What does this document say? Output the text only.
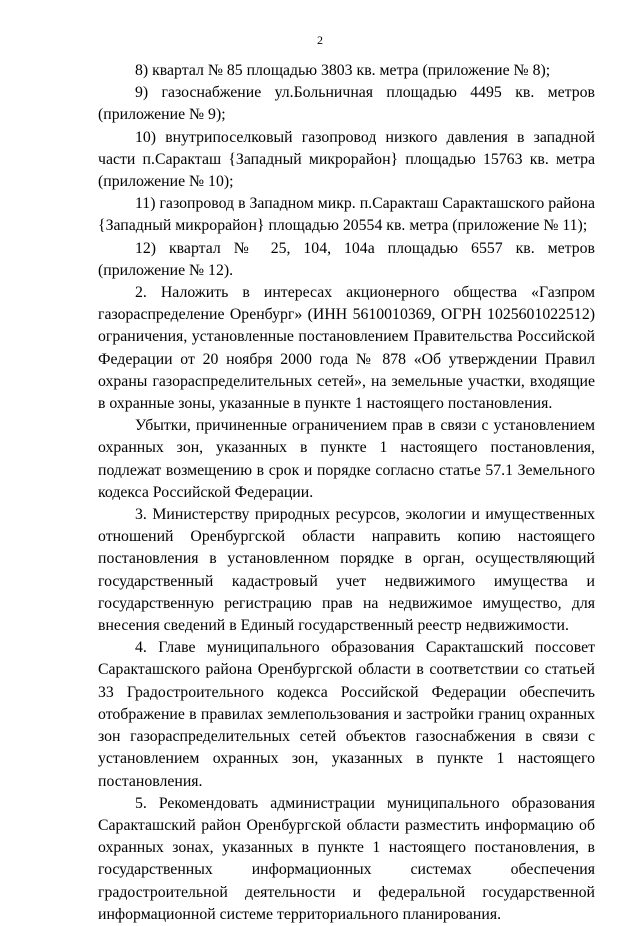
2

8) квартал № 85 площадью 3803 кв. метра (приложение № 8);

9) газоснабжение ул.Больничная площадью 4495 кв. метров (приложение № 9);

10) внутрипоселковый газопровод низкого давления в западной части п.Саракташ {Западный микрорайон} площадью 15763 кв. метра (приложение № 10);

11) газопровод в Западном микр. п.Саракташ Саракташского района {Западный микрорайон} площадью 20554 кв. метра (приложение № 11);

12) квартал № 25, 104, 104а площадью 6557 кв. метров (приложение № 12).

2. Наложить в интересах акционерного общества «Газпром газораспределение Оренбург» (ИНН 5610010369, ОГРН 1025601022512) ограничения, установленные постановлением Правительства Российской Федерации от 20 ноября 2000 года № 878 «Об утверждении Правил охраны газораспределительных сетей», на земельные участки, входящие в охранные зоны, указанные в пункте 1 настоящего постановления.

Убытки, причиненные ограничением прав в связи с установлением охранных зон, указанных в пункте 1 настоящего постановления, подлежат возмещению в срок и порядке согласно статье 57.1 Земельного кодекса Российской Федерации.

3. Министерству природных ресурсов, экологии и имущественных отношений Оренбургской области направить копию настоящего постановления в установленном порядке в орган, осуществляющий государственный кадастровый учет недвижимого имущества и государственную регистрацию прав на недвижимое имущество, для внесения сведений в Единый государственный реестр недвижимости.

4. Главе муниципального образования Саракташский поссовет Саракташского района Оренбургской области в соответствии со статьей 33 Градостроительного кодекса Российской Федерации обеспечить отображение в правилах землепользования и застройки границ охранных зон газораспределительных сетей объектов газоснабжения в связи с установлением охранных зон, указанных в пункте 1 настоящего постановления.

5. Рекомендовать администрации муниципального образования Саракташский район Оренбургской области разместить информацию об охранных зонах, указанных в пункте 1 настоящего постановления, в государственных информационных системах обеспечения градостроительной деятельности и федеральной государственной информационной системе территориального планирования.
